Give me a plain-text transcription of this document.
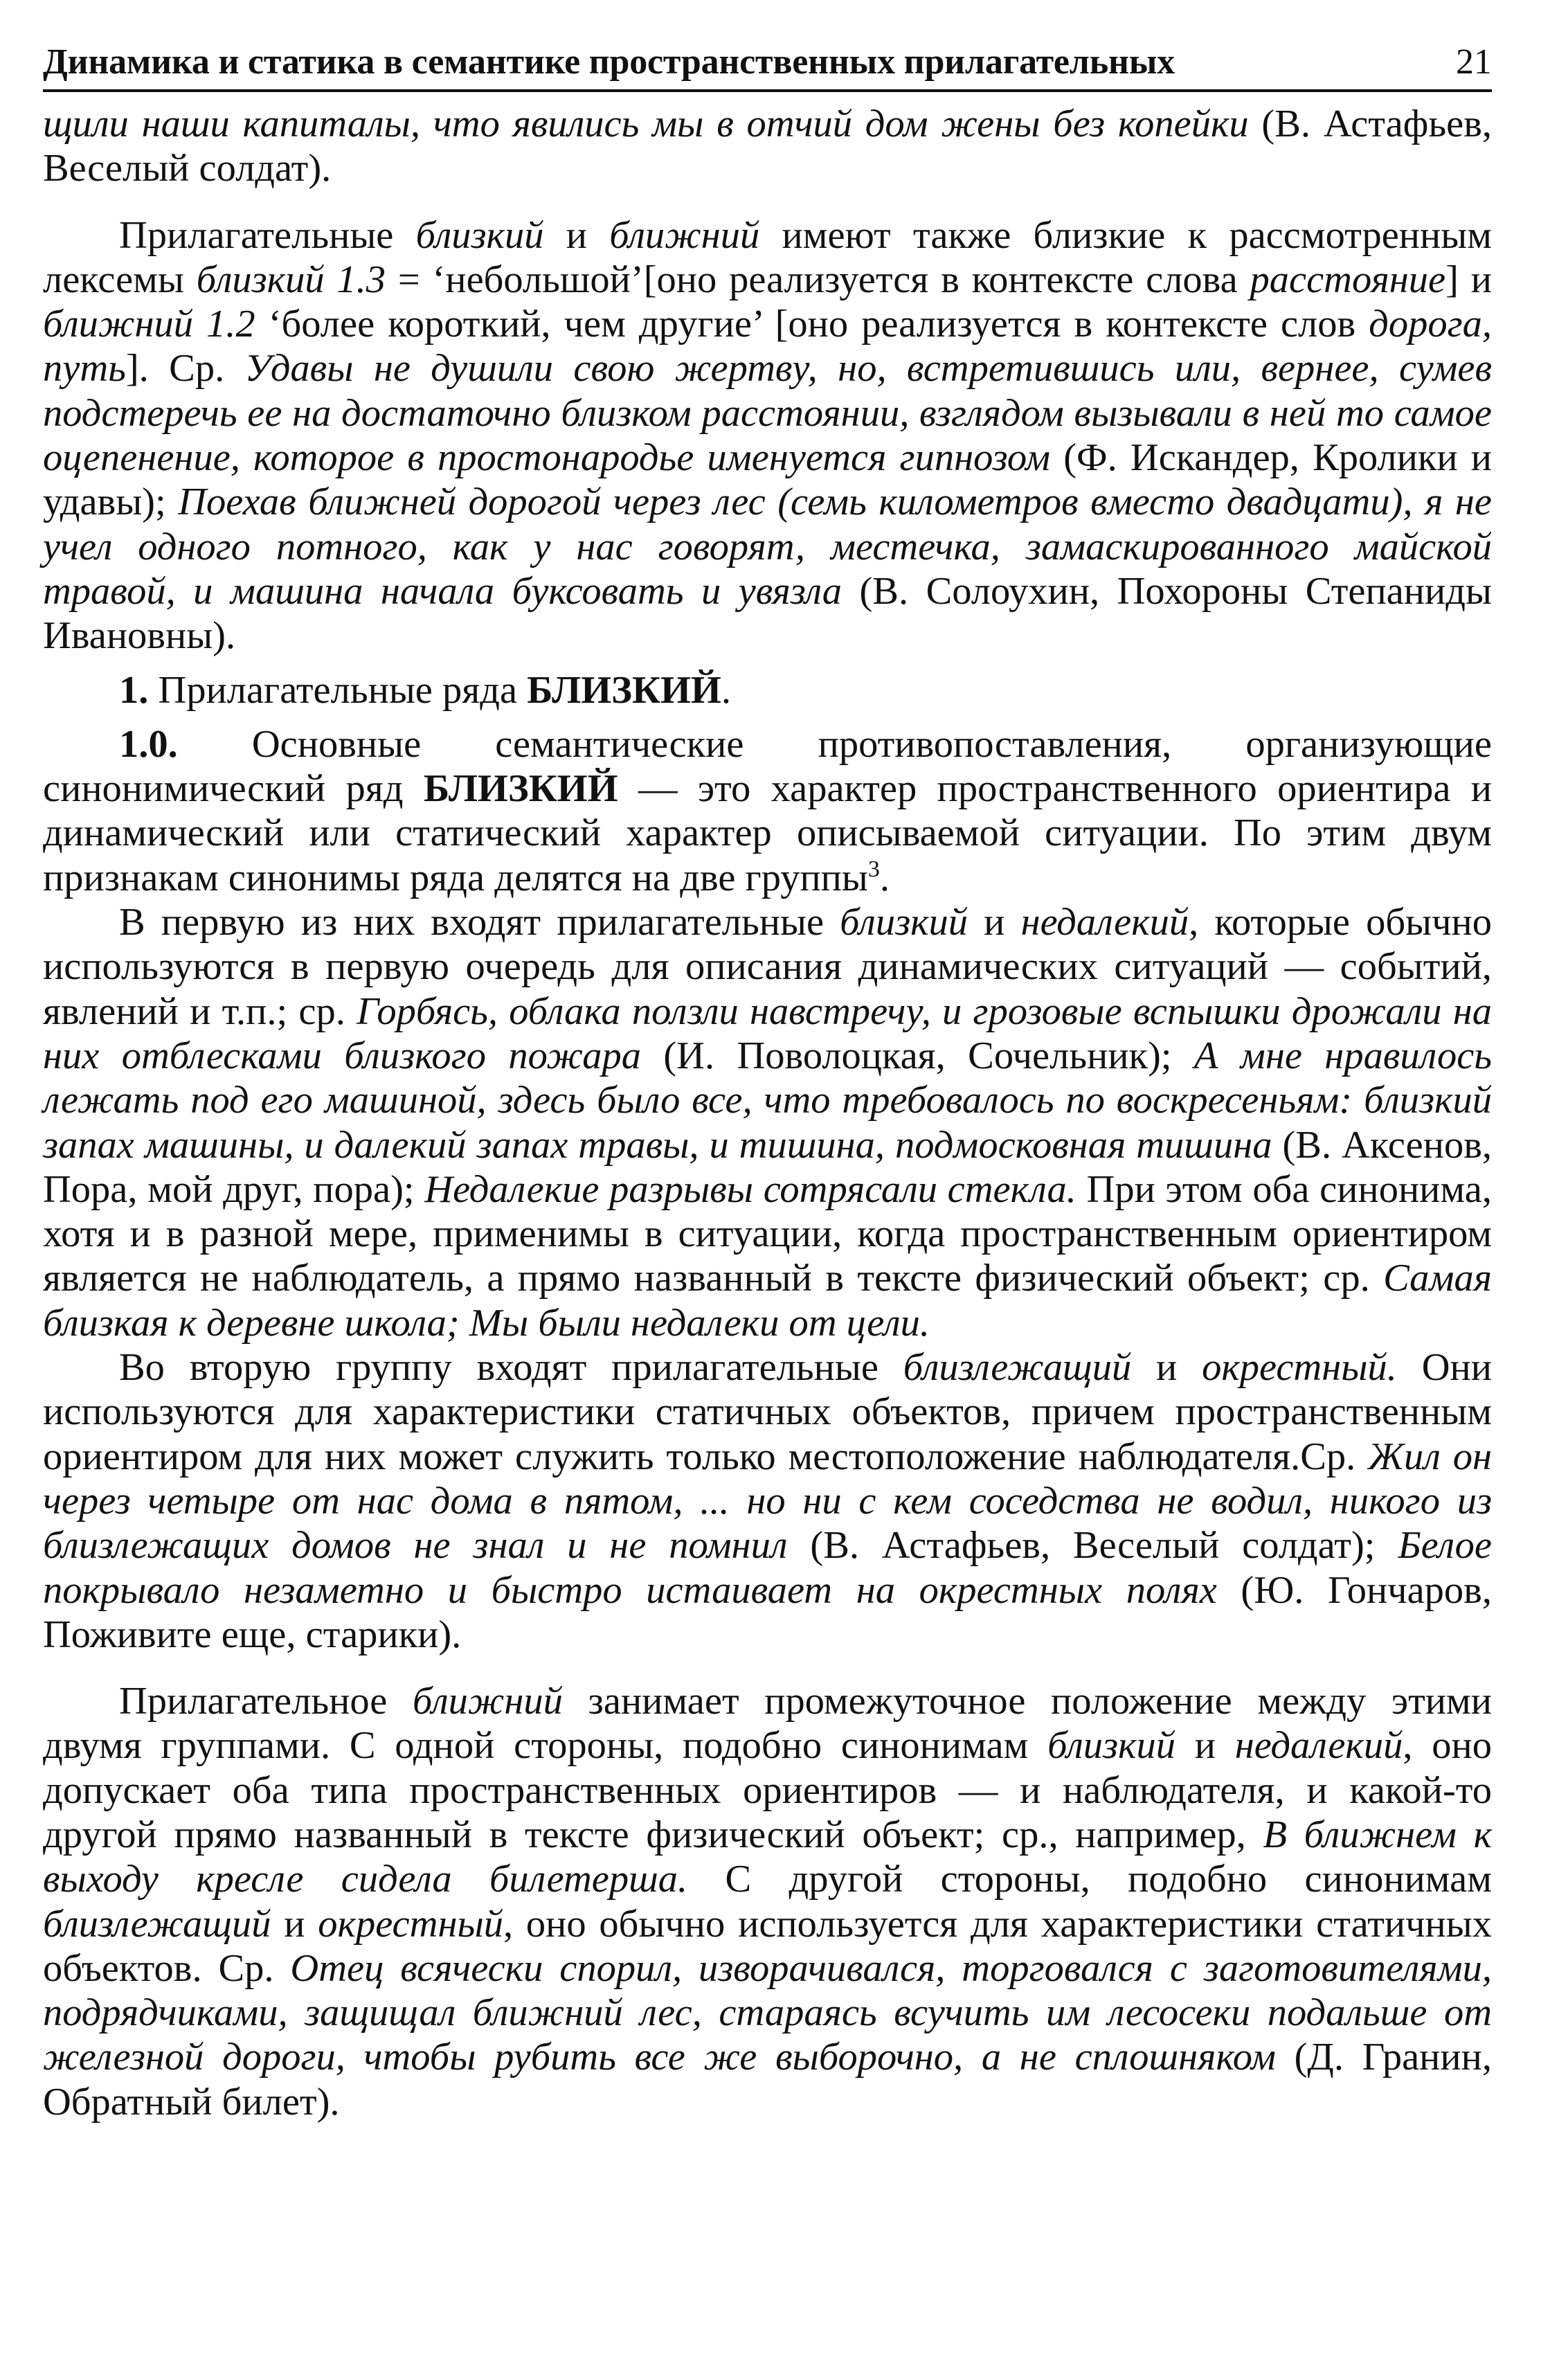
Динамика и статика в семантике пространственных прилагательных	21

щили наши капиталы, что явились мы в отчий дом жены без копейки (В. Астафьев, Веселый солдат).

Прилагательные близкий и ближний имеют также близкие к рассмотренным лексемы близкий 1.3 = ‘небольшой’[оно реализуется в контексте слова расстояние] и ближний 1.2 ‘более короткий, чем другие’ [оно реализуется в контексте слов дорога, путь]. Ср. Удавы не душили свою жертву, но, встретившись или, вернее, сумев подстеречь ее на достаточно близком расстоянии, взглядом вызывали в ней то самое оцепенение, которое в простонародье именуется гипнозом (Ф. Искандер, Кролики и удавы); Поехав ближней дорогой через лес (семь километров вместо двадцати), я не учел одного потного, как у нас говорят, местечка, замаскированного майской травой, и машина начала буксовать и увязла (В. Солоухин, Похороны Степаниды Ивановны).

1. Прилагательные ряда БЛИЗКИЙ.

1.0. Основные семантические противопоставления, организующие синонимический ряд БЛИЗКИЙ — это характер пространственного ориентира и динамический или статический характер описываемой ситуации. По этим двум признакам синонимы ряда делятся на две группы$^3$.

В первую из них входят прилагательные близкий и недалекий, которые обычно используются в первую очередь для описания динамических ситуаций — событий, явлений и т.п.; ср. Горбясь, облака ползли навстречу, и грозовые вспышки дрожали на них отблесками близкого пожара (И. Поволоцкая, Сочельник); А мне нравилось лежать под его машиной, здесь было все, что требовалось по воскресеньям: близкий запах машины, и далекий запах травы, и тишина, подмосковная тишина (В. Аксенов, Пора, мой друг, пора); Недалекие разрывы сотрясали стекла. При этом оба синонима, хотя и в разной мере, применимы в ситуации, когда пространственным ориентиром является не наблюдатель, а прямо названный в тексте физический объект; ср. Самая близкая к деревне школа; Мы были недалеки от цели.

Во вторую группу входят прилагательные близлежащий и окрестный. Они используются для характеристики статичных объектов, причем пространственным ориентиром для них может служить только местоположение наблюдателя.Ср. Жил он через четыре от нас дома в пятом, ... но ни с кем соседства не водил, никого из близлежащих домов не знал и не помнил (В. Астафьев, Веселый солдат); Белое покрывало незаметно и быстро истаивает на окрестных полях (Ю. Гончаров, Поживите еще, старики).

Прилагательное ближний занимает промежуточное положение между этими двумя группами. С одной стороны, подобно синонимам близкий и недалекий, оно допускает оба типа пространственных ориентиров — и наблюдателя, и какой-то другой прямо названный в тексте физический объект; ср., например, В ближнем к выходу кресле сидела билетерша. С другой стороны, подобно синонимам близлежащий и окрестный, оно обычно используется для характеристики статичных объектов. Ср. Отец всячески спорил, изворачивался, торговался с заготовителями, подрядчиками, защищал ближний лес, стараясь всучить им лесосеки подальше от железной дороги, чтобы рубить все же выборочно, а не сплошняком (Д. Гранин, Обратный билет).
